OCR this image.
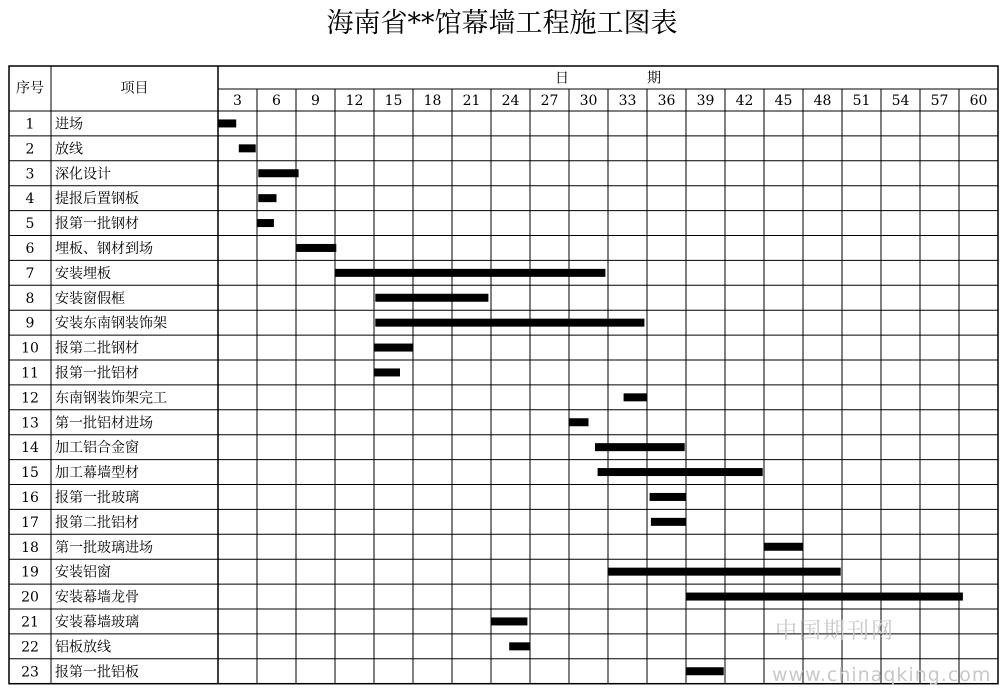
海南省**馆幕墙工程施工图表
序号	项目
日	期
3 6 9 12 15 18 21 24 27 30 33 36 39 42 45 48 51 54 57 60
1 进场
2 放线
3 深化设计
4 提报后置钢板
5 报第一批钢材
6 埋板、钢材到场
7 安装埋板
8 安装窗假框
9 安装东南钢装饰架
10 报第二批钢材
11 报第一批铝材
12 东南钢装饰架完工
13 第一批铝材进场
14 加工铝合金窗
15 加工幕墙型材
16 报第一批玻璃
17 报第二批铝材
18 第一批玻璃进场
19 安装铝窗
20 安装幕墙龙骨
21 安装幕墙玻璃
22 铝板放线
23 报第一批铝板
中国期刊网
www.chinaqking.com
